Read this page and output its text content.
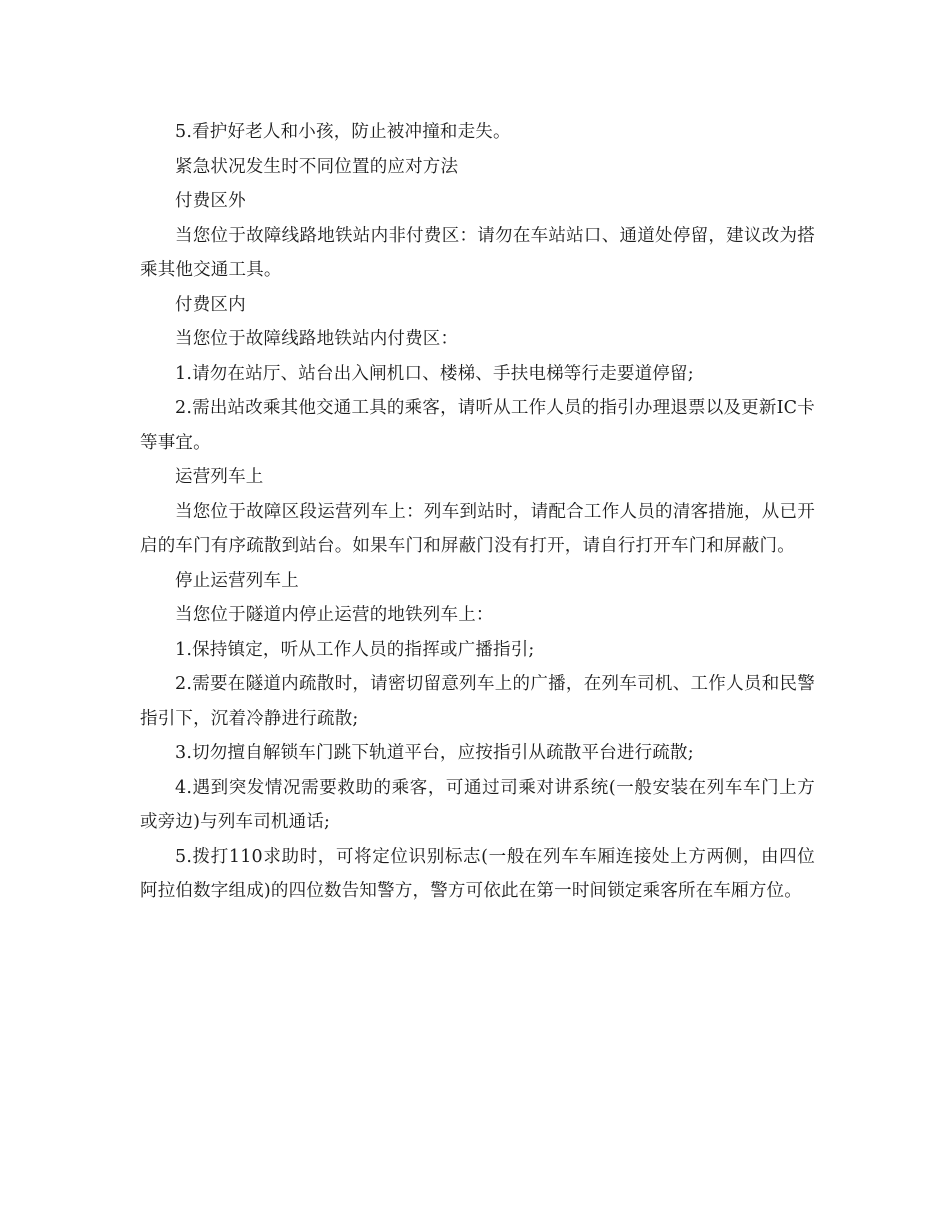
5.看护好老人和小孩，防止被冲撞和走失。

紧急状况发生时不同位置的应对方法

付费区外

当您位于故障线路地铁站内非付费区：请勿在车站站口、通道处停留，建议改为搭乘其他交通工具。

付费区内

当您位于故障线路地铁站内付费区：

1.请勿在站厅、站台出入闸机口、楼梯、手扶电梯等行走要道停留;

2.需出站改乘其他交通工具的乘客，请听从工作人员的指引办理退票以及更新IC卡等事宜。

运营列车上

当您位于故障区段运营列车上：列车到站时，请配合工作人员的清客措施，从已开启的车门有序疏散到站台。如果车门和屏蔽门没有打开，请自行打开车门和屏蔽门。

停止运营列车上

当您位于隧道内停止运营的地铁列车上：

1.保持镇定，听从工作人员的指挥或广播指引;

2.需要在隧道内疏散时，请密切留意列车上的广播，在列车司机、工作人员和民警指引下，沉着冷静进行疏散;

3.切勿擅自解锁车门跳下轨道平台，应按指引从疏散平台进行疏散;

4.遇到突发情况需要救助的乘客，可通过司乘对讲系统(一般安装在列车车门上方或旁边)与列车司机通话;

5.拨打110求助时，可将定位识别标志(一般在列车车厢连接处上方两侧，由四位阿拉伯数字组成)的四位数告知警方，警方可依此在第一时间锁定乘客所在车厢方位。
